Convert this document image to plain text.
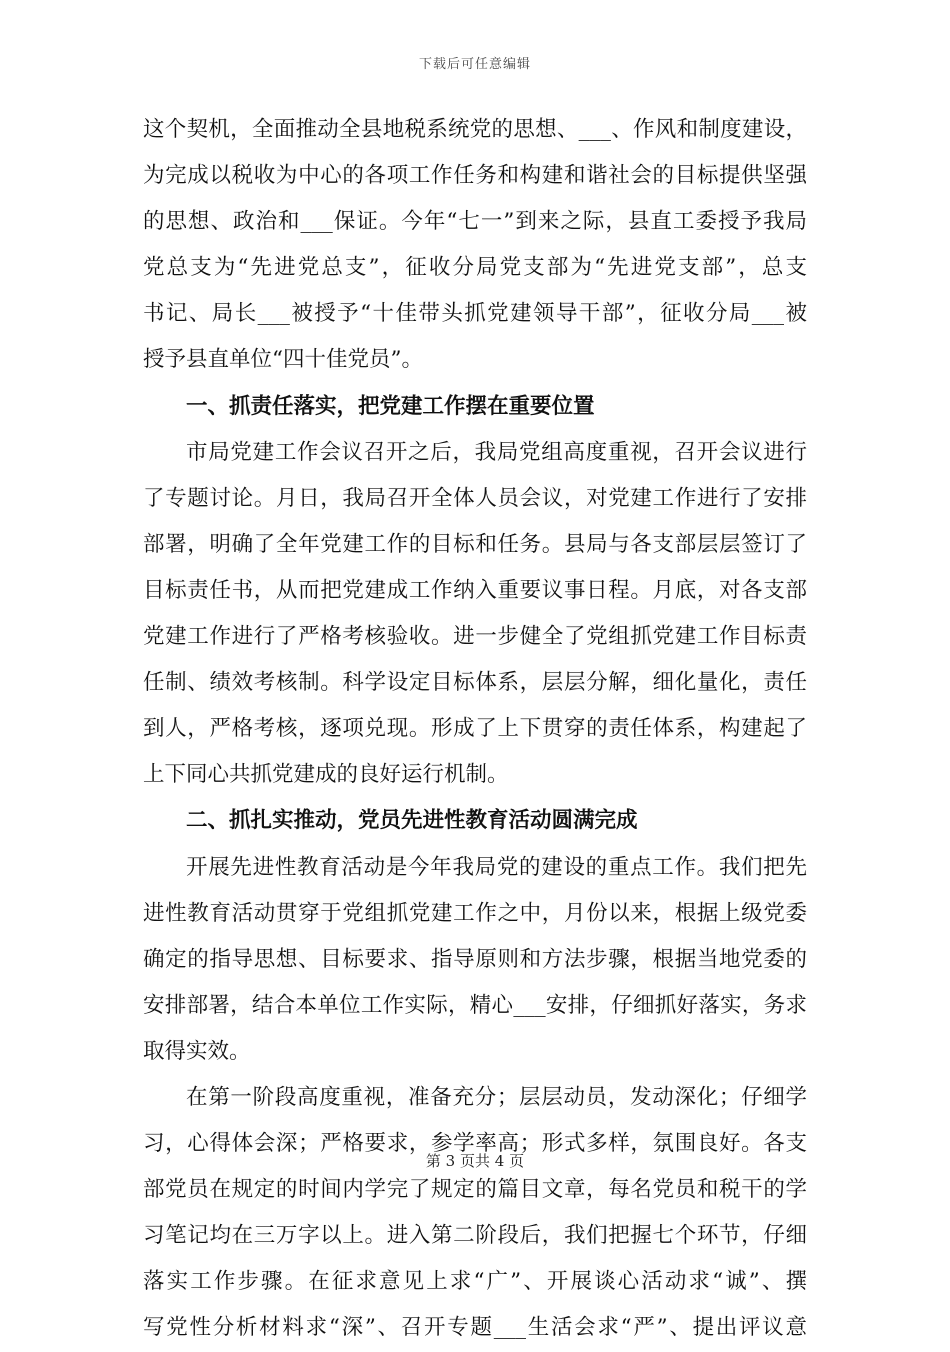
下载后可任意编辑
这个契机，全面推动全县地税系统党的思想、___、作风和制度建设，
为完成以税收为中心的各项工作任务和构建和谐社会的目标提供坚强
的思想、政治和___保证。今年“七一”到来之际，县直工委授予我局
党总支为“先进党总支”，征收分局党支部为“先进党支部”，总支
书记、局长___被授予“十佳带头抓党建领导干部”，征收分局___被
授予县直单位“四十佳党员”。
一、抓责任落实，把党建工作摆在重要位置
市局党建工作会议召开之后，我局党组高度重视，召开会议进行
了专题讨论。月日，我局召开全体人员会议，对党建工作进行了安排
部署，明确了全年党建工作的目标和任务。县局与各支部层层签订了
目标责任书，从而把党建成工作纳入重要议事日程。月底，对各支部
党建工作进行了严格考核验收。进一步健全了党组抓党建工作目标责
任制、绩效考核制。科学设定目标体系，层层分解，细化量化，责任
到人，严格考核，逐项兑现。形成了上下贯穿的责任体系，构建起了
上下同心共抓党建成的良好运行机制。
二、抓扎实推动，党员先进性教育活动圆满完成
开展先进性教育活动是今年我局党的建设的重点工作。我们把先
进性教育活动贯穿于党组抓党建工作之中，月份以来，根据上级党委
确定的指导思想、目标要求、指导原则和方法步骤，根据当地党委的
安排部署，结合本单位工作实际，精心___安排，仔细抓好落实，务求
取得实效。
在第一阶段高度重视，准备充分；层层动员，发动深化；仔细学
习，心得体会深；严格要求，参学率高；形式多样，氛围良好。各支
部党员在规定的时间内学完了规定的篇目文章，每名党员和税干的学
习笔记均在三万字以上。进入第二阶段后，我们把握七个环节，仔细
落实工作步骤。在征求意见上求“广”、开展谈心活动求“诚”、撰
写党性分析材料求“深”、召开专题___生活会求“严”、提出评议意
第 3 页共 4 页
